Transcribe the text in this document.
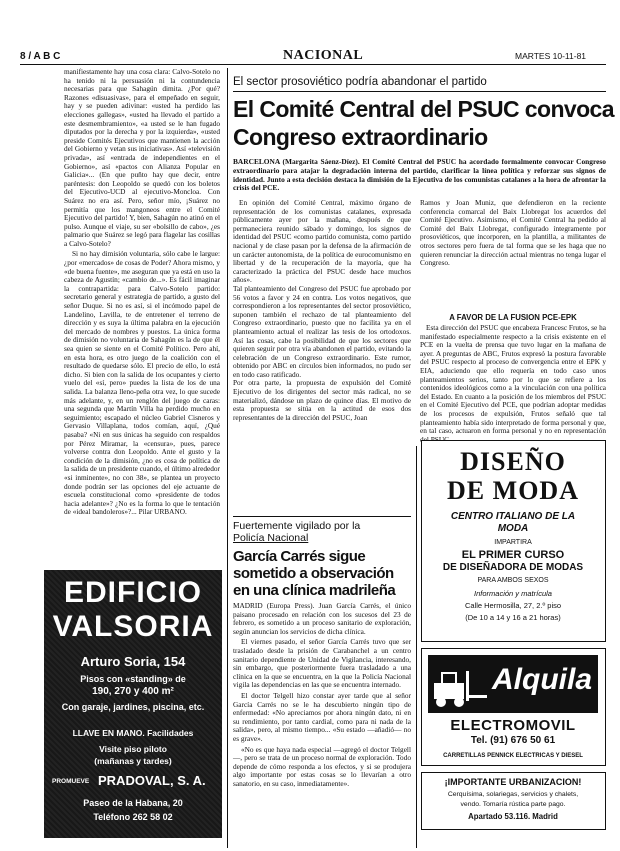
8 / A B C	NACIONAL	MARTES 10-11-81

manifiestamente hay una cosa clara: Calvo-Sotelo no ha tenido ni la persuasión ni la contundencia necesarias para que Sahagún dimita. ¿Por qué? Razones «disuasivas», para el empeñado en seguir, hay y se pueden adivinar: «usted ha perdido las elecciones gallegas», «usted ha llevado el partido a este desmembramiento», «a usted se le han fugado diputados por la derecha y por la izquierda», «usted preside Comités Ejecutivos que mantienen la acción del Gobierno y vetan sus iniciativas». Así «televisión privada», así «entrada de independientes en el Gobierno», así «pactos con Alianza Popular en Galicia»... (En que puñto hay que decir, entre paréntesis: don Leopoldo se quedó con los boletos del Ejecutivo-UCD al ejecutivo-Moncloa. Con Suárez no era así. Pero, señor mío, ¡Suárez no permitía que los mangoneos entre el Comité Ejecutivo del partido! Y, bien, Sahagún no atinó en el pulso. Aunque el viaje, su ser «bolsillo de cabo», ¿es palmario que Suárez se legó para flagelar las cosillas a Calvo-Sotelo?

Si no hay dimisión voluntaria, sólo cabe le largue: ¿por «mercados» de cosas de Poder? Ahora mismo, y «de buena fuente», me aseguran que ya está en uso la cabeza de Agustín; «cambio de...». Es fácil imaginar la contrapartida: para Calvo-Sotelo partido: secretario general y estrategia de partido, a gusto del señor Duque. Si no es así, si el incómodo papel de Landelino, Lavilla, te de entretener el terreno de dirección y es suya la última palabra en la ejecución del mercado de nombres y puestos. La única forma de dimisión no voluntaria de Sahagún es la de que él sea quien se siente en el Comité Político. Pero ahí, en esta hora, es otro juego de la coalición con el resultado de quedarse sólo. El precio de ello, lo está dicho. Si bien con la salida de los ocupantes y cierto vuelo del «sí, pero» puedes la lista de los de una salida. La balanza lleno-peña otra vez, lo que sucede más adelante, y, en un renglón del juego de caras: una segunda que Martín Villa ha perdido mucho en seguimiento; escapado el núcleo Gabriel Cisneros y Gervasio Villaplana, todos comían, aquí, ¿Qué pasaba? «Ni en sus únicas ha seguido con respaldos por Pérez Miramar, la «censura», pues, parece volverse contra don Leopoldo. Ante el gusto y la condición de la dimisión, ¿no es cosa de política de la salida de un presidente cuando, el último alrededor «si inminente», no con 38», se plantea un proyecto donde podrán ser las opciones del eje actuante de escuela constitucional como «presidente de todos hacia adelante»? ¿No es la forma lo que le tentación de «ideal bandoleros»?... Pilar URBANO.

EDIFICIO
VALSORIA
Arturo Soria, 154
Pisos con «standing» de
190, 270 y 400 m²
Con garaje, jardines, piscina, etc.
LLAVE EN MANO. Facilidades
Visite piso piloto
(mañanas y tardes)
PROMUEVE PRADOVAL, S. A.
Paseo de la Habana, 20
Teléfono 262 58 02
El sector prosoviético podría abandonar el partido
El Comité Central del PSUC convoca
Congreso extraordinario
BARCELONA (Margarita Sáenz-Díez). El Comité Central del PSUC ha acordado formalmente convocar Congreso extraordinario para atajar la degradación interna del partido, clarificar la línea política y reforzar sus signos de identidad. Junto a esta decisión destaca la dimisión de la Ejecutiva de los comunistas catalanes a la hora de afrontar la crisis del PCE.
En opinión del Comité Central, máximo órgano de representación de los comunistas catalanes, expresada públicamente ayer por la mañana, después de que permaneciera reunido sábado y domingo, los signos de identidad del PSUC «como partido comunista, como partido nacional y de clase pasan por la defensa de la afirmación de un carácter autonomista, de la política de eurocomunismo en libertad y de la recuperación de la mayoría, que ha caracterizado la práctica del PSUC desde hace muchos años».
Tal planteamiento del Congreso del PSUC fue aprobado por 56 votos a favor y 24 en contra. Los votos negativos, que correspondieron a los representantes del sector prosoviético, suponen también el rechazo de tal planteamiento del Congreso extraordinario, puesto que no facilita ya en el planteamiento actual el realizar las tesis de los ortodoxos. Así las cosas, cabe la posibilidad de que los sectores que quieren seguir por otra vía abandonen el partido, evitando la celebración de un Congreso extraordinario. Este rumor, obtenido por ABC en círculos bien informados, no pudo ser en todo caso ratificado.
Por otra parte, la propuesta de expulsión del Comité Ejecutivo de los dirigentes del sector más radical, no se materializó, dándose un plazo de quince días. El motivo de esta propuesta se sitúa en la actitud de esos dos representantes de la dirección del PSUC, Joan
Ramos y Joan Muniz, que defendieron en la reciente conferencia comarcal del Baix Llobregat los acuerdos del Comité Ejecutivo. Asimismo, el Comité Central ha pedido al Comité del Baix Llobregat, configurado íntegramente por prosoviéticos, que incorporen, en la plantilla, a militantes de otros sectores pero fuera de tal forma que se les haga que no quieren renunciar la dirección actual mientras no tenga lugar el Congreso.
A FAVOR DE LA FUSION PCE-EPK
Esta dirección del PSUC que encabeza Francesc Frutos, se ha manifestado especialmente respecto a la crisis existente en el PCE en la vuelta de prensa que tuvo lugar en la mañana de ayer. A preguntas de ABC, Frutos expresó la postura favorable del PSUC respecto al proceso de convergencia entre el EPK y EIA, aduciendo que ello requería en todo caso unos planteamientos serios, tanto por lo que se refiere a los contenidos ideológicos como a la vinculación con una política del Estado. En cuanto a la posición de los miembros del PSUC en el Comité Ejecutivo del PCE, que podrían adoptar medidas de los procesos de expulsión, Frutos señaló que tal planteamiento había sido interpretado de forma personal y que, en tal caso, actuaron en forma personal y no en representación
Fuertemente vigilado por la
Policía Nacional
García Carrés sigue sometido a observación en una clínica madrileña

MADRID (Europa Press). Juan García Carrés, el único paisano procesado en relación con los sucesos del 23 de febrero, es sometido a un proceso sanitario de exploración, según anuncian los servicios de dicha clínica.

El viernes pasado, el señor García Carrés tuvo que ser trasladado desde la prisión de Carabanchel a un centro sanitario dependiente de Unidad de Vigilancia, interesando, sin embargo, que posteriormente fuera trasladado a una clínica en la que se encuentra, en la que la Policía Nacional vigila las dependencias en las que se encuentra internado.

El doctor Telgell hizo constar ayer tarde que al señor García Carrés no se le ha descubierto ningún tipo de enfermedad: «No apreciamos por ahora ningún dato, ni en su rendimiento, por tanto cardial, como para ni nada de la salida», pero, al mismo tiempo... «Su estado —añadió— no es grave».

«No es que haya nada especial —agregó el doctor Telgell—, pero se trata de un proceso normal de exploración. Todo depende de cómo responda a los efectos, y si se produjera algo importante por estas cosas se lo llevarían a otro sanatorio, en su caso, inmediatamente».

DISEÑO
DE MODA
CENTRO ITALIANO DE LA
MODA
IMPARTIRA
EL PRIMER CURSO
DE DISEÑADORA DE MODAS
PARA AMBOS SEXOS
Información y matrícula
Calle Hermosilla, 27, 2.º piso
(De 10 a 14 y 16 a 21 horas)
Alquila
ELECTROMOVIL
Tel. (91) 676 50 61
CARRETILLAS PENNICK ELECTRICAS Y DIESEL
¡IMPORTANTE URBANIZACION!
Cerquísima, solariegas, servicios y chalets,
vendo. Tomaría rústica parte pago.
Apartado 53.116. Madrid
